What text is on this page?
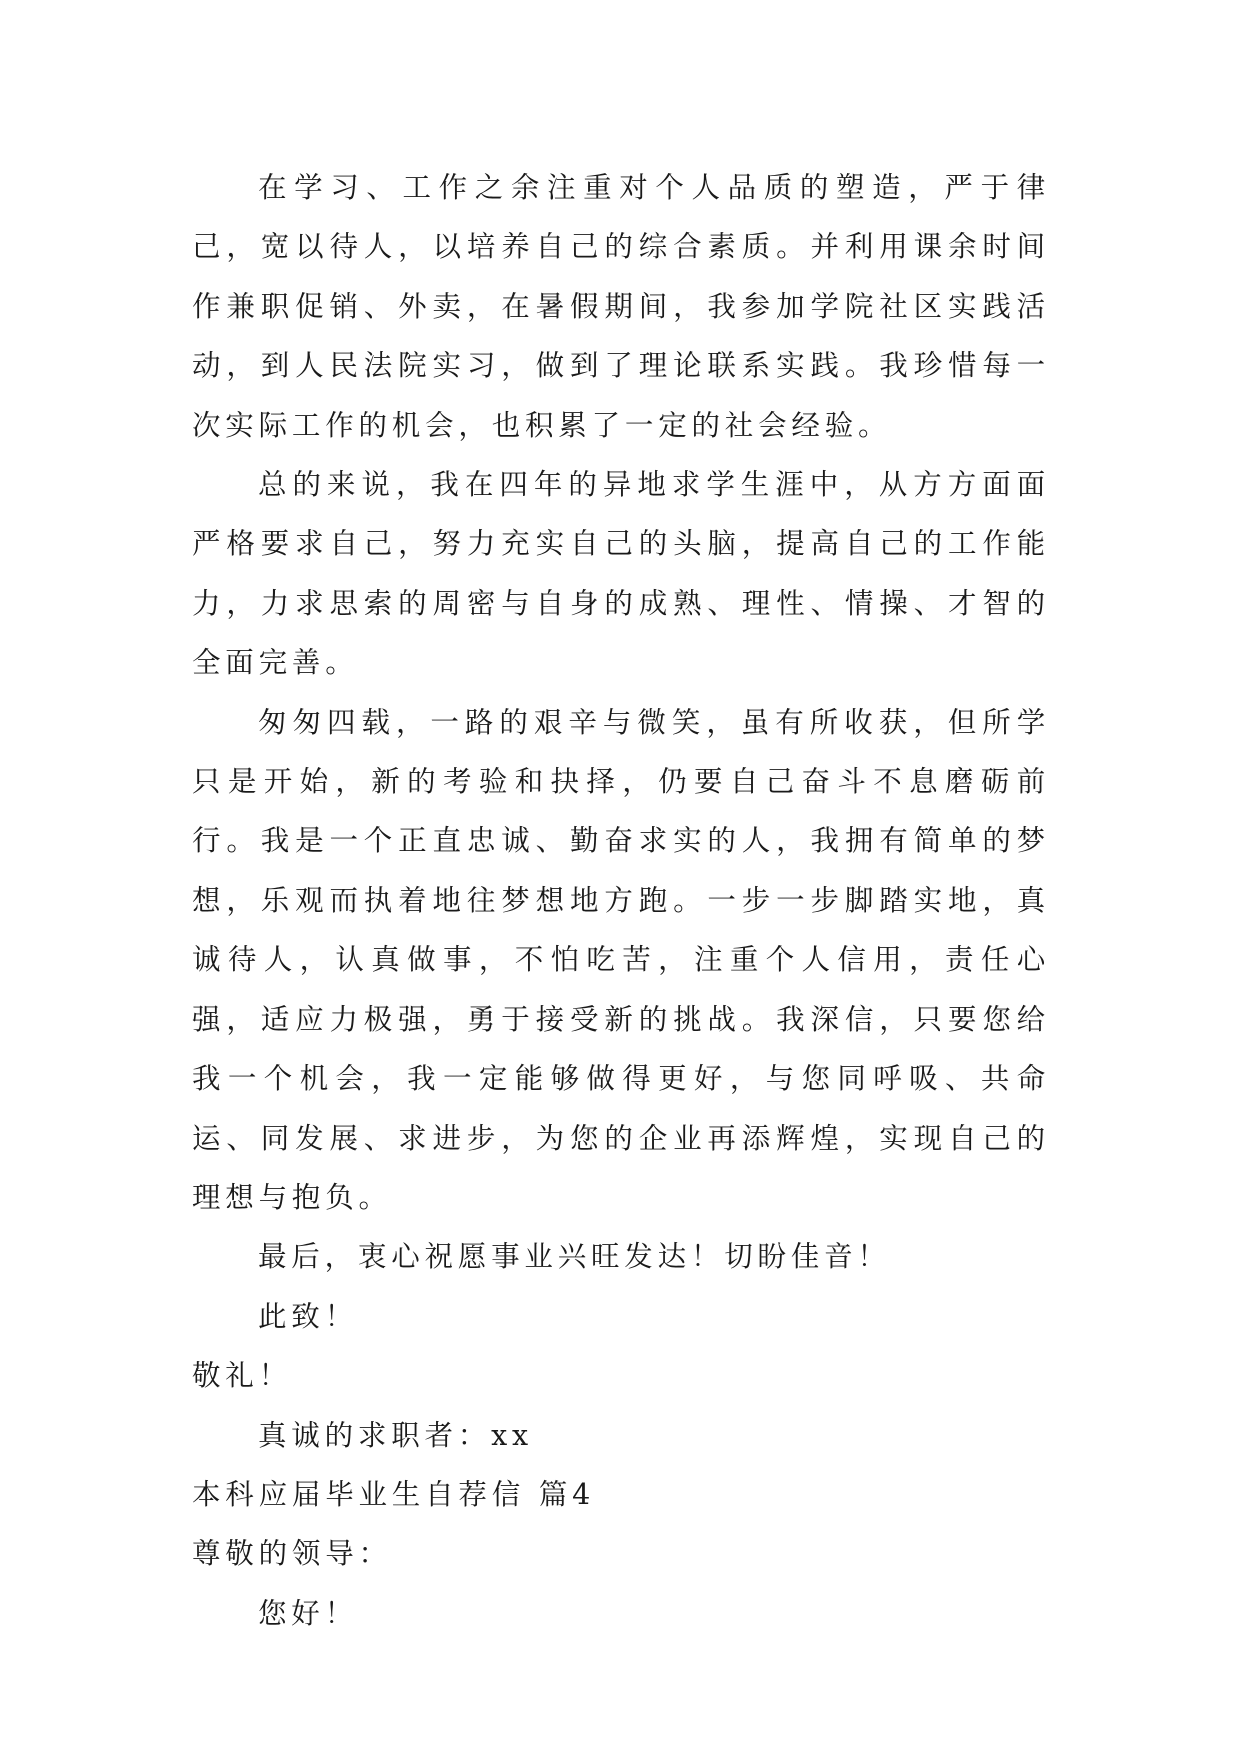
在学习、工作之余注重对个人品质的塑造，严于律己，宽以待人，以培养自己的综合素质。并利用课余时间作兼职促销、外卖，在暑假期间，我参加学院社区实践活动，到人民法院实习，做到了理论联系实践。我珍惜每一次实际工作的机会，也积累了一定的社会经验。

总的来说，我在四年的异地求学生涯中，从方方面面严格要求自己，努力充实自己的头脑，提高自己的工作能力，力求思索的周密与自身的成熟、理性、情操、才智的全面完善。

匆匆四载，一路的艰辛与微笑，虽有所收获，但所学只是开始，新的考验和抉择，仍要自己奋斗不息磨砺前行。我是一个正直忠诚、勤奋求实的人，我拥有简单的梦想，乐观而执着地往梦想地方跑。一步一步脚踏实地，真诚待人，认真做事，不怕吃苦，注重个人信用，责任心强，适应力极强，勇于接受新的挑战。我深信，只要您给我一个机会，我一定能够做得更好，与您同呼吸、共命运、同发展、求进步，为您的企业再添辉煌，实现自己的理想与抱负。

最后，衷心祝愿事业兴旺发达！切盼佳音！

此致！

敬礼！

真诚的求职者：xx

本科应届毕业生自荐信 篇4

尊敬的领导：

您好！
